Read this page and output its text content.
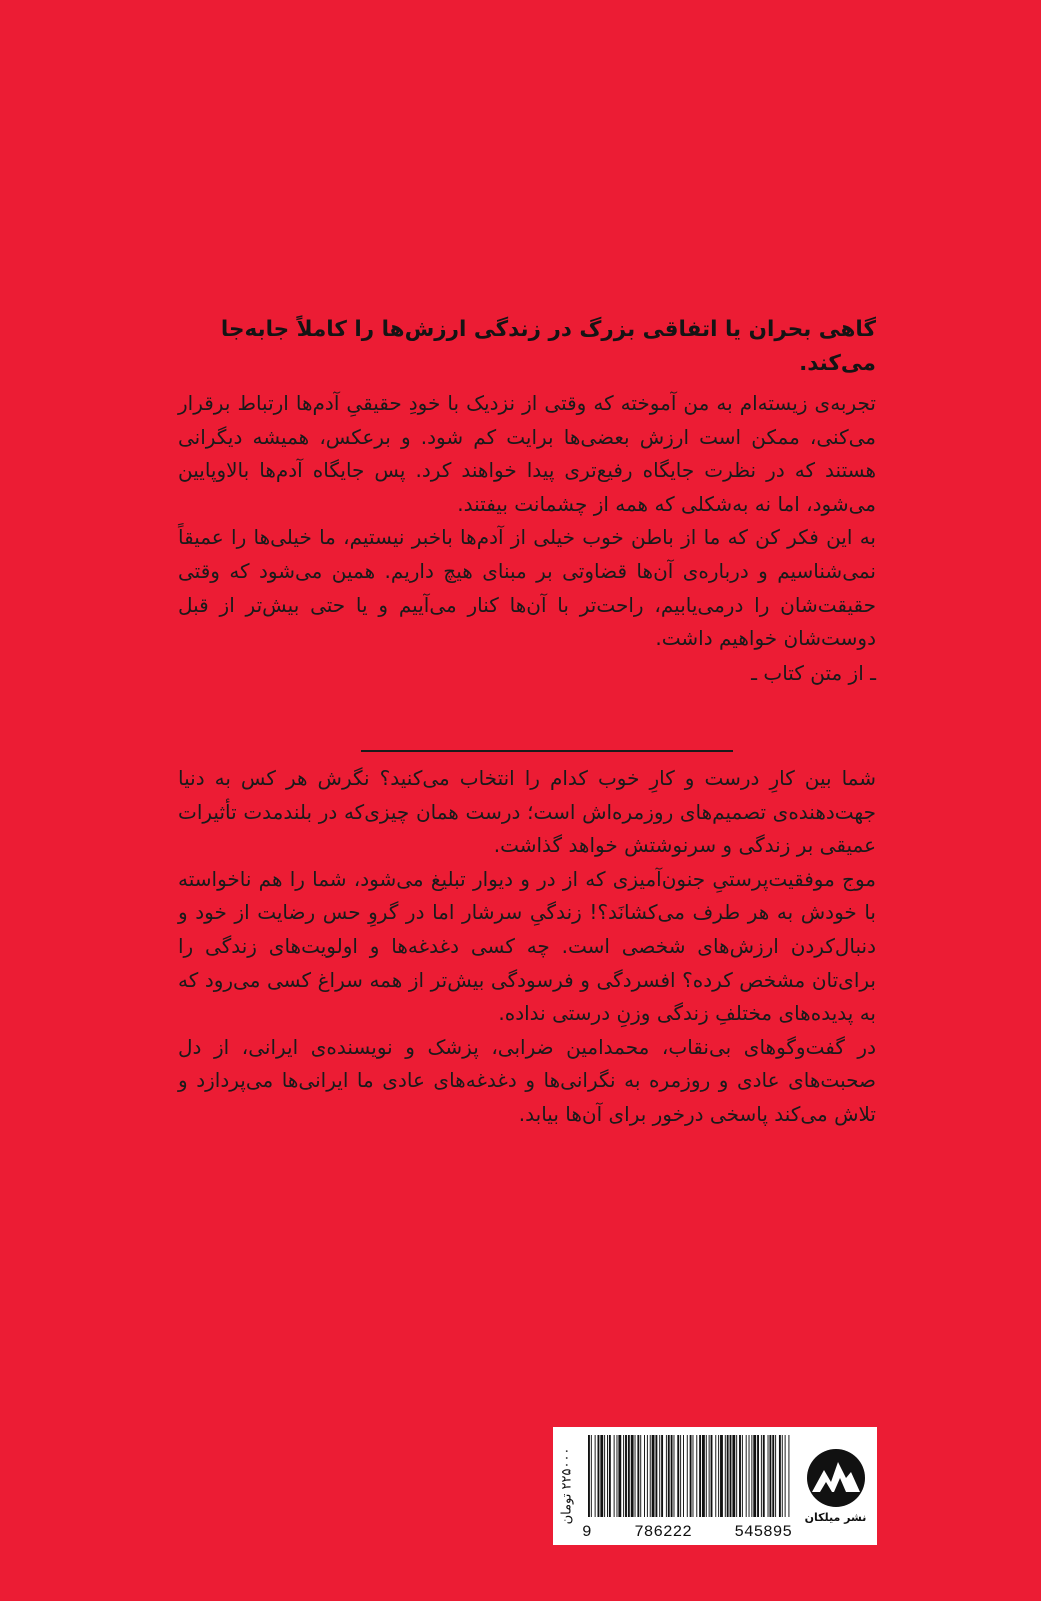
گاهی بحران یا اتفاقی بزرگ در زندگی ارزش‌ها را کاملاً جابه‌جا می‌کند.

تجربه‌ی زیسته‌ام به من آموخته که وقتی از نزدیک با خودِ حقیقیِ آدم‌ها ارتباط برقرار می‌کنی، ممکن است ارزش بعضی‌ها برایت کم شود. و برعکس، همیشه دیگرانی هستند که در نظرت جایگاه رفیع‌تری پیدا خواهند کرد. پس جایگاه آدم‌ها بالاوپایین می‌شود، اما نه به‌شکلی که همه از چشمانت بیفتند.

به این فکر کن که ما از باطن خوب خیلی از آدم‌ها باخبر نیستیم، ما خیلی‌ها را عمیقاً نمی‌شناسیم و درباره‌ی آن‌ها قضاوتی بر مبنای هیچ داریم. همین می‌شود که وقتی حقیقت‌شان را درمی‌یابیم، راحت‌تر با آن‌ها کنار می‌آییم و یا حتی بیش‌تر از قبل دوست‌شان خواهیم داشت.

ـ از متن کتاب ـ

شما بین کارِ درست و کارِ خوب کدام را انتخاب می‌کنید؟ نگرش هر کس به دنیا جهت‌دهنده‌ی تصمیم‌های روزمره‌اش است؛ درست همان چیزی‌که در بلندمدت تأثیرات عمیقی بر زندگی و سرنوشتش خواهد گذاشت.

موج موفقیت‌پرستیِ جنون‌آمیزی که از در و دیوار تبلیغ می‌شود، شما را هم ناخواسته با خودش به هر طرف می‌کشانَد؟! زندگیِ سرشار اما در گروِ حس رضایت از خود و دنبال‌کردن ارزش‌های شخصی است. چه کسی دغدغه‌ها و اولویت‌های زندگی را برای‌تان مشخص کرده؟ افسردگی و فرسودگی بیش‌تر از همه سراغ کسی می‌رود که به پدیده‌های مختلفِ زندگی وزنِ درستی نداده.

در گفت‌وگوهای بی‌نقاب، محمدامین ضرابی، پزشک و نویسنده‌ی ایرانی، از دل صحبت‌های عادی و روزمره به نگرانی‌ها و دغدغه‌های عادی ما ایرانی‌ها می‌پردازد و تلاش می‌کند پاسخی درخور برای آن‌ها بیابد.

۲۲۵۰۰۰ تومان
9	786222	545895
نشر میلکان
